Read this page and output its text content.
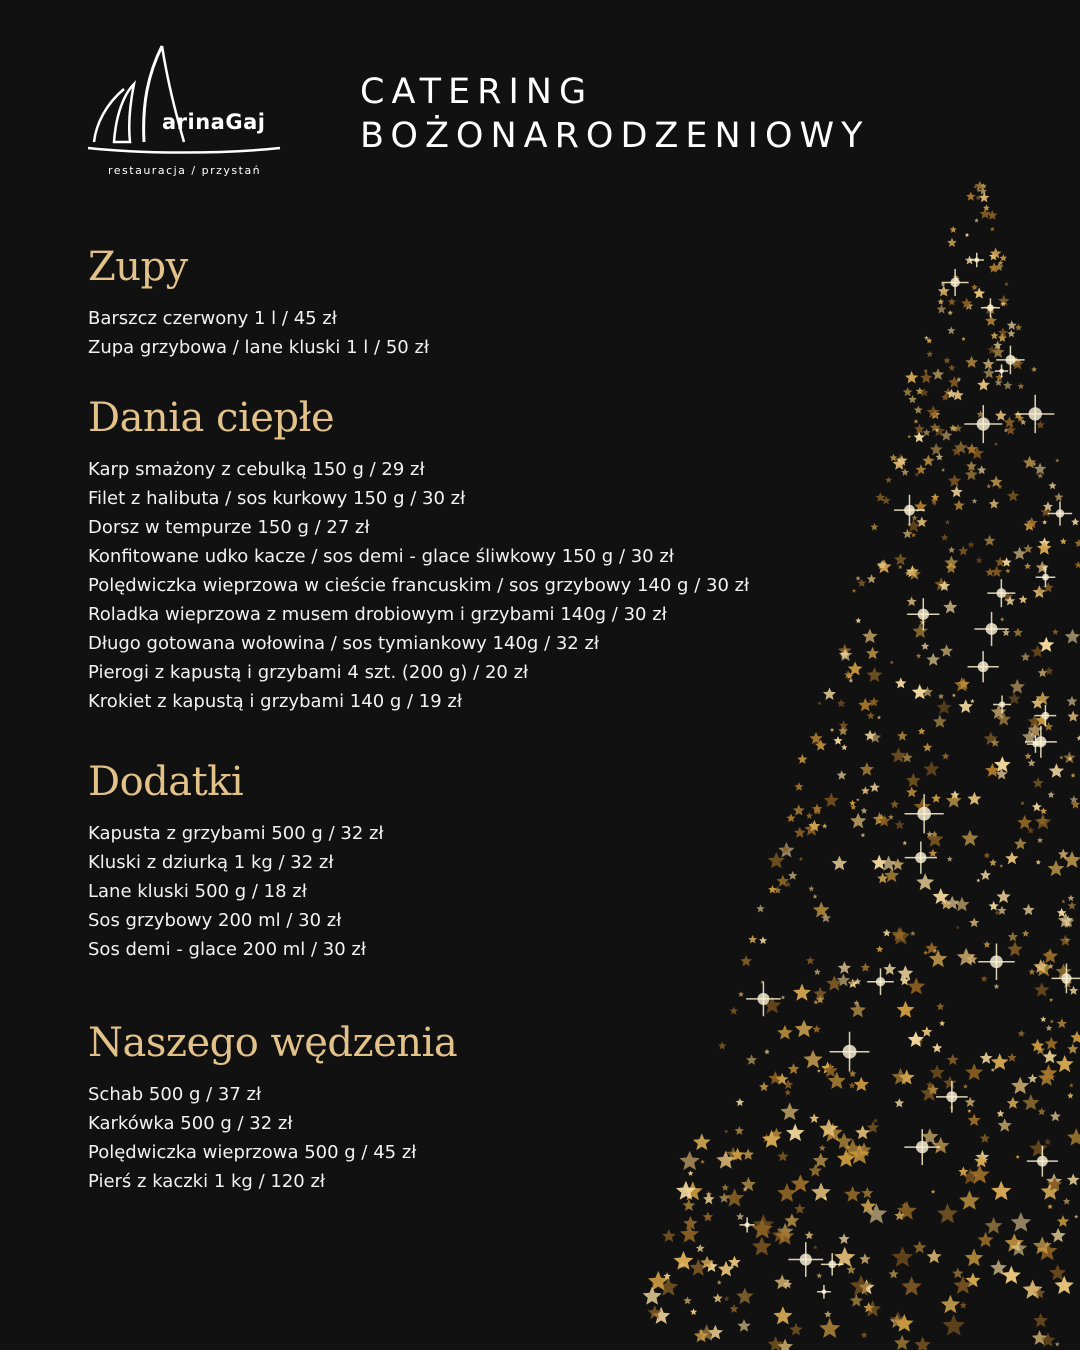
arinaGaj
restauracja / przystań
CATERING
BOŻONARODZENIOWY
Zupy
Barszcz czerwony 1 l / 45 zł
Zupa grzybowa / lane kluski 1 l / 50 zł
Dania ciepłe
Karp smażony z cebulką 150 g / 29 zł
Filet z halibuta / sos kurkowy 150 g / 30 zł
Dorsz w tempurze 150 g / 27 zł
Konfitowane udko kacze / sos demi - glace śliwkowy 150 g / 30 zł
Polędwiczka wieprzowa w cieście francuskim / sos grzybowy 140 g / 30 zł
Roladka wieprzowa z musem drobiowym i grzybami 140g / 30 zł
Długo gotowana wołowina / sos tymiankowy 140g / 32 zł
Pierogi z kapustą i grzybami 4 szt. (200 g) / 20 zł
Krokiet z kapustą i grzybami 140 g / 19 zł
Dodatki
Kapusta z grzybami 500 g / 32 zł
Kluski z dziurką 1 kg / 32 zł
Lane kluski 500 g / 18 zł
Sos grzybowy 200 ml / 30 zł
Sos demi - glace 200 ml / 30 zł
Naszego wędzenia
Schab 500 g / 37 zł
Karkówka 500 g / 32 zł
Polędwiczka wieprzowa 500 g / 45 zł
Pierś z kaczki 1 kg / 120 zł
